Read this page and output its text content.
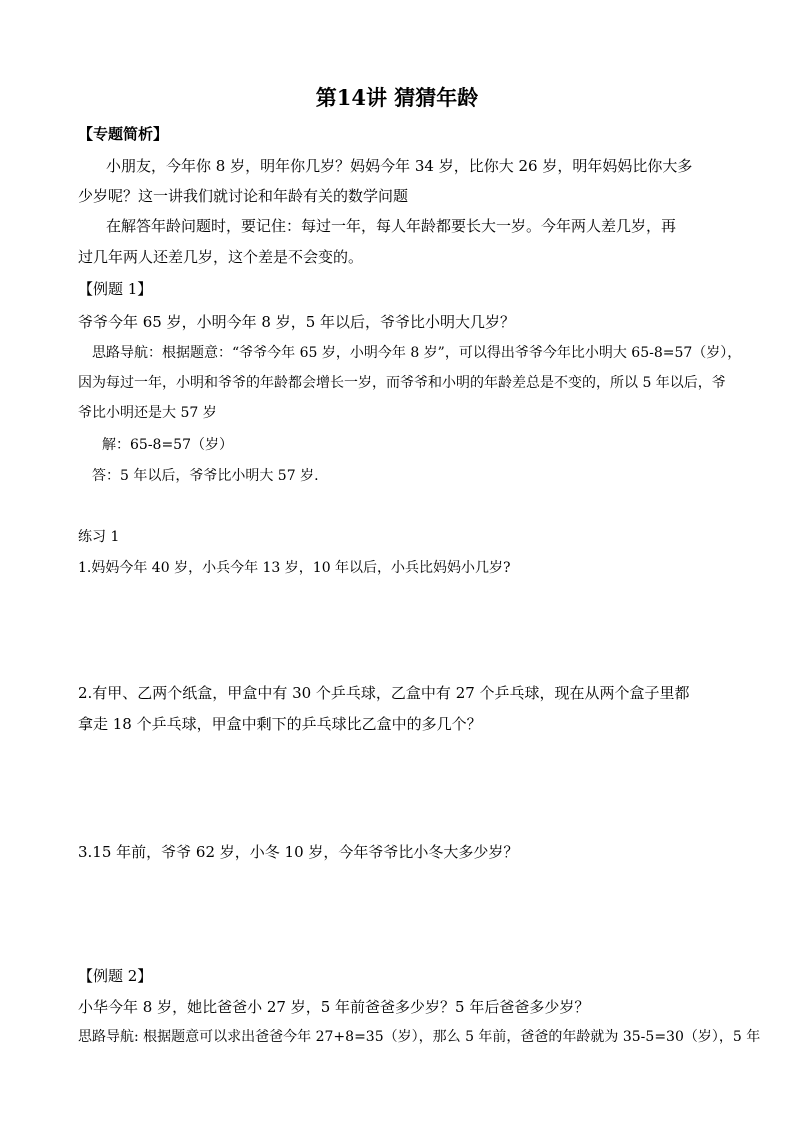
第14讲 猜猜年龄
【专题简析】
小朋友，今年你 8 岁，明年你几岁？妈妈今年 34 岁，比你大 26 岁，明年妈妈比你大多
少岁呢？这一讲我们就讨论和年龄有关的数学问题
在解答年龄问题时，要记住：每过一年，每人年龄都要长大一岁。今年两人差几岁，再
过几年两人还差几岁，这个差是不会变的。
【例题 1】
爷爷今年 65 岁，小明今年 8 岁，5 年以后，爷爷比小明大几岁？
思路导航：根据题意：“爷爷今年 65 岁，小明今年 8 岁”，可以得出爷爷今年比小明大 65-8=57（岁），
因为每过一年，小明和爷爷的年龄都会增长一岁，而爷爷和小明的年龄差总是不变的，所以 5 年以后，爷
爷比小明还是大 57 岁
解：65-8=57（岁）
答：5 年以后，爷爷比小明大 57 岁.
练习 1
1.妈妈今年 40 岁，小兵今年 13 岁，10 年以后，小兵比妈妈小几岁?
2.有甲、乙两个纸盒，甲盒中有 30 个乒乓球，乙盒中有 27 个乒乓球，现在从两个盒子里都
拿走 18 个乒乓球，甲盒中剩下的乒乓球比乙盒中的多几个？
3.15 年前，爷爷 62 岁，小冬 10 岁，今年爷爷比小冬大多少岁？
【例题 2】
小华今年 8 岁，她比爸爸小 27 岁，5 年前爸爸多少岁？5 年后爸爸多少岁？
思路导航: 根据题意可以求出爸爸今年 27+8=35（岁），那么 5 年前，爸爸的年龄就为 35-5=30（岁），5 年
